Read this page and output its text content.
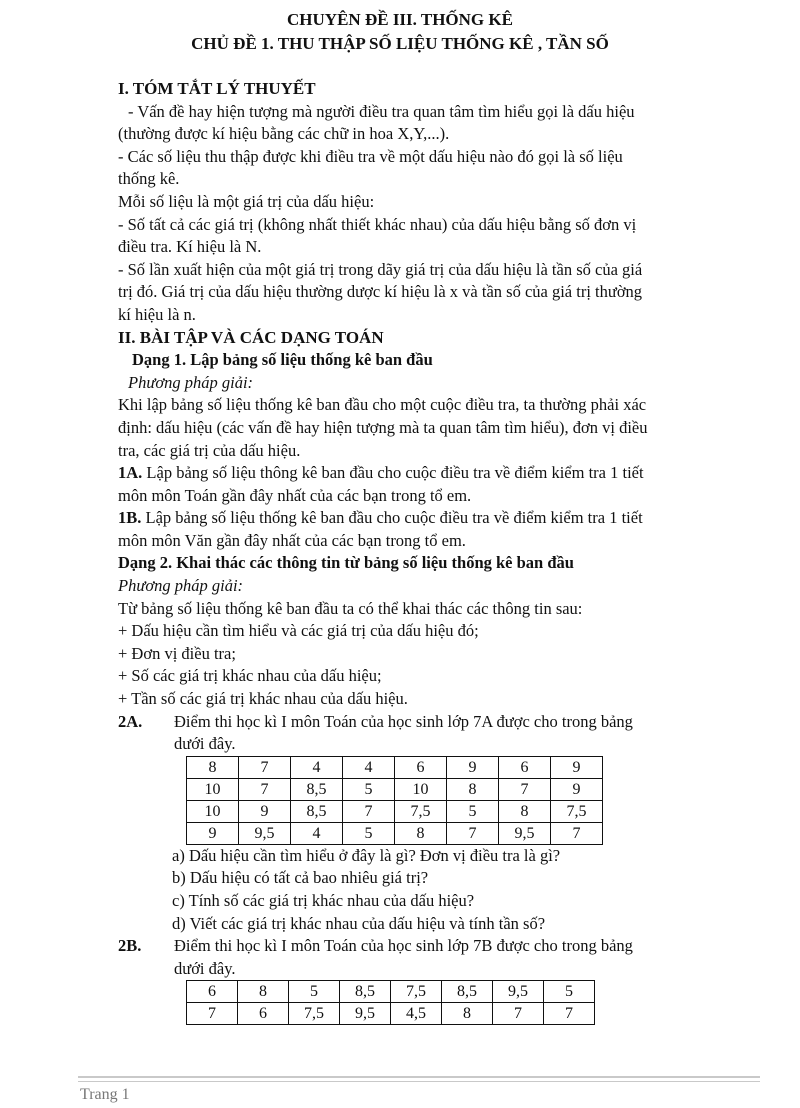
CHUYÊN ĐỀ III. THỐNG KÊ
CHỦ ĐỀ 1. THU THẬP SỐ LIỆU THỐNG KÊ , TẦN SỐ
I. TÓM TẮT LÝ THUYẾT
- Vấn đề hay hiện tượng mà người điều tra quan tâm tìm hiểu gọi là dấu hiệu
(thường được kí hiệu bằng các chữ in hoa X,Y,...).
- Các số liệu thu thập được khi điều tra về một dấu hiệu nào đó gọi là số liệu
thống kê.
Mỗi số liệu là một giá trị của dấu hiệu:
- Số tất cả các giá trị (không nhất thiết khác nhau) của dấu hiệu bằng số đơn vị
điều tra. Kí hiệu là N.
- Số lần xuất hiện của một giá trị trong dãy giá trị của dấu hiệu là tần số của giá
trị đó. Giá trị của dấu hiệu thường dược kí hiệu là x và tần số của giá trị thường
kí hiệu là n.
II. BÀI TẬP VÀ CÁC DẠNG TOÁN
Dạng 1. Lập bảng số liệu thống kê ban đầu
Phương pháp giải:
Khi lập bảng số liệu thống kê ban đầu cho một cuộc điều tra, ta thường phải xác
định: dấu hiệu (các vấn đề hay hiện tượng mà ta quan tâm tìm hiểu), đơn vị điều
tra, các giá trị của dấu hiệu.
1A. Lập bảng số liệu thông kê ban đầu cho cuộc điều tra về điểm kiểm tra 1 tiết
môn môn Toán gần đây nhất của các bạn trong tổ em.
1B. Lập bảng số liệu thống kê ban đầu cho cuộc điều tra về điểm kiểm tra 1 tiết
môn môn Văn gần đây nhất của các bạn trong tổ em.
Dạng 2. Khai thác các thông tin từ bảng số liệu thống kê ban đầu
Phương pháp giải:
Từ bảng số liệu thống kê ban đầu ta có thể khai thác các thông tin sau:
+ Dấu hiệu cần tìm hiểu và các giá trị của dấu hiệu đó;
+ Đơn vị điều tra;
+ Số các giá trị khác nhau của dấu hiệu;
+ Tần số các giá trị khác nhau của dấu hiệu.
2A.	Điểm thi học kì I môn Toán của học sinh lớp 7A được cho trong bảng
dưới đây.
8	7	4	4	6	9	6	9
10	7	8,5	5	10	8	7	9
10	9	8,5	7	7,5	5	8	7,5
9	9,5	4	5	8	7	9,5	7
a) Dấu hiệu cần tìm hiểu ở đây là gì? Đơn vị điều tra là gì?
b) Dấu hiệu có tất cả bao nhiêu giá trị?
c) Tính số các giá trị khác nhau của dấu hiệu?
d) Viết các giá trị khác nhau của dấu hiệu và tính tần số?
2B.	Điểm thi học kì I môn Toán của học sinh lớp 7B được cho trong bảng
dưới đây.
6	8	5	8,5	7,5	8,5	9,5	5
7	6	7,5	9,5	4,5	8	7	7
Trang 1
